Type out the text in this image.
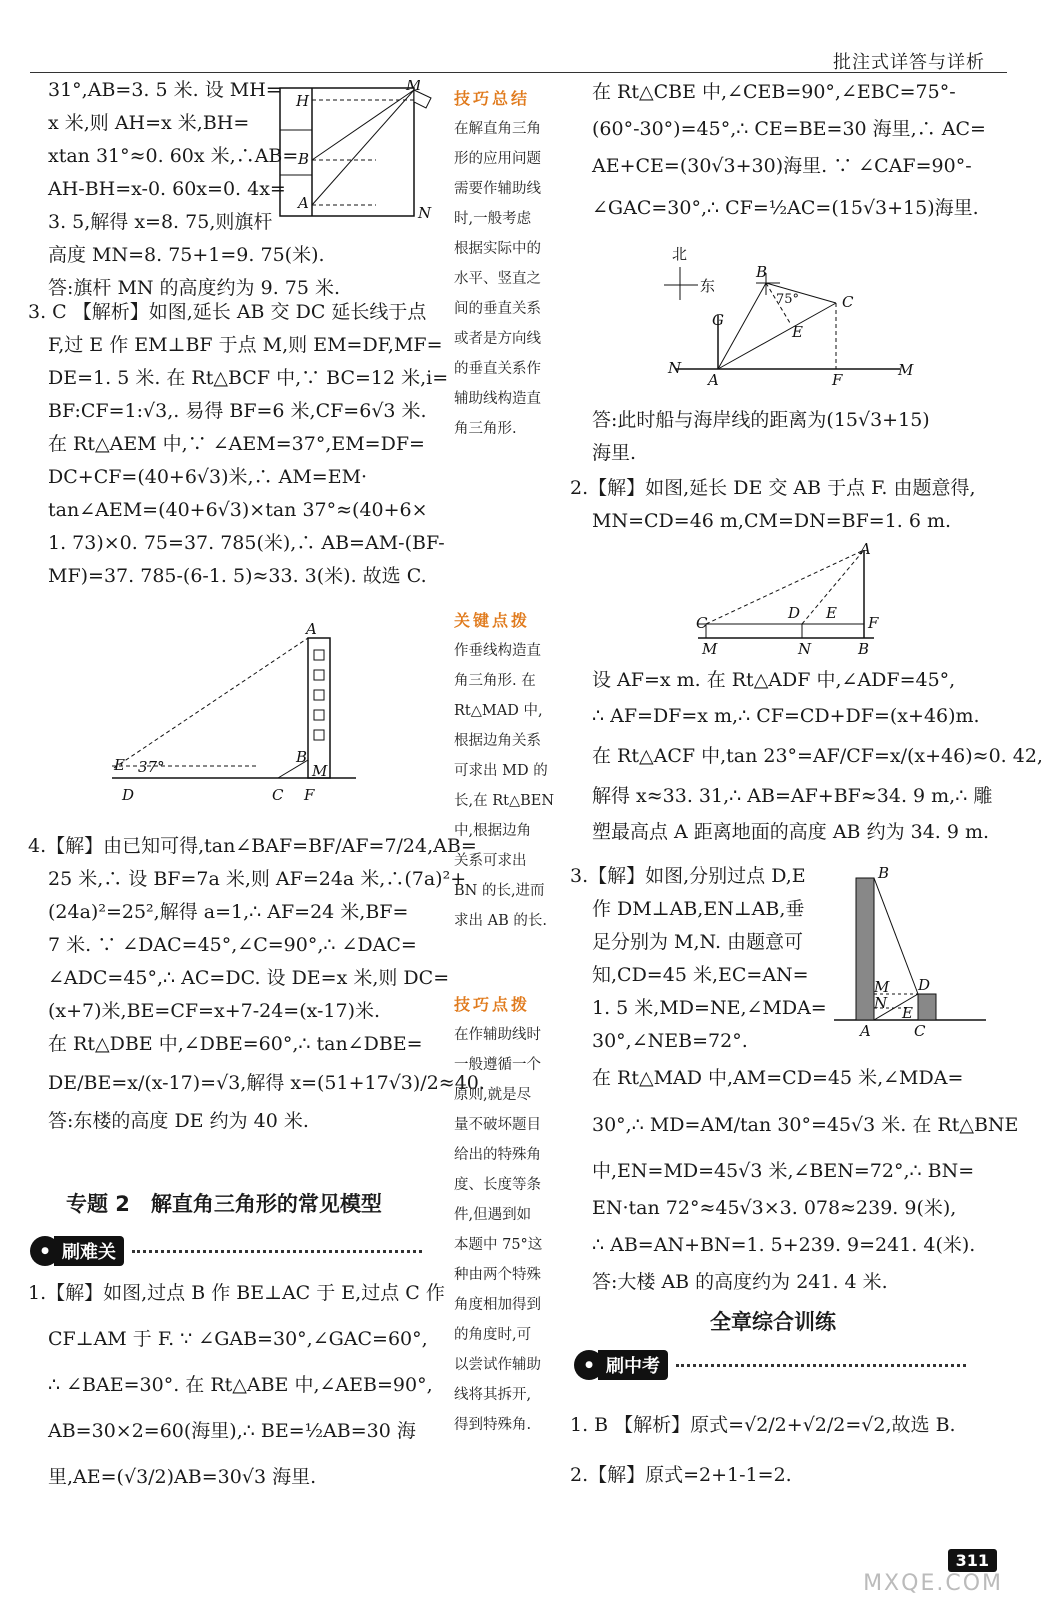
批注式详答与详析

31°,AB=3. 5 米. 设 MH=

x 米,则 AH=x 米,BH=

xtan 31°≈0. 60x 米,∴AB=

AH-BH=x-0. 60x=0. 4x=

3. 5,解得 x=8. 75,则旗杆

高度 MN=8. 75+1=9. 75(米).

答:旗杆 MN 的高度约为 9. 75 米.

3. C 【解析】如图,延长 AB 交 DC 延长线于点

F,过 E 作 EM⊥BF 于点 M,则 EM=DF,MF=

DE=1. 5 米. 在 Rt△BCF 中,∵ BC=12 米,i=

BF:CF=1:√3,. 易得 BF=6 米,CF=6√3 米.

在 Rt△AEM 中,∵ ∠AEM=37°,EM=DF=

DC+CF=(40+6√3)米,∴ AM=EM·

tan∠AEM=(40+6√3)×tan 37°≈(40+6×

1. 73)×0. 75=37. 785(米),∴ AB=AM-(BF-

MF)=37. 785-(6-1. 5)≈33. 3(米). 故选 C.

H
B
A
M
N
A
B
M
E 37°
D	C F

4.【解】由已知可得,tan∠BAF=BF/AF=7/24,AB=

25 米,∴ 设 BF=7a 米,则 AF=24a 米,∴(7a)²+

(24a)²=25²,解得 a=1,∴ AF=24 米,BF=

7 米. ∵ ∠DAC=45°,∠C=90°,∴ ∠DAC=

∠ADC=45°,∴ AC=DC. 设 DE=x 米,则 DC=

(x+7)米,BE=CF=x+7-24=(x-17)米.

在 Rt△DBE 中,∠DBE=60°,∴ tan∠DBE=

DE/BE=x/(x-17)=√3,解得 x=(51+17√3)/2≈40.

答:东楼的高度 DE 约为 40 米.

专题 2　解直角三角形的常见模型
● 刷难关

1.【解】如图,过点 B 作 BE⊥AC 于 E,过点 C 作

CF⊥AM 于 F. ∵ ∠GAB=30°,∠GAC=60°,

∴ ∠BAE=30°. 在 Rt△ABE 中,∠AEB=90°,

AB=30×2=60(海里),∴ BE=½AB=30 海

里,AE=(√3/2)AB=30√3 海里.

技巧总结

在解直角三角

形的应用问题

需要作辅助线

时,一般考虑

根据实际中的

水平、竖直之

间的垂直关系

或者是方向线

的垂直关系作

辅助线构造直

角三角形.

关键点拨

作垂线构造直

角三角形. 在

Rt△MAD 中,

根据边角关系

可求出 MD 的

长,在 Rt△BEN

中,根据边角

关系可求出

BN 的长,进而

求出 AB 的长.

技巧点拨

在作辅助线时

一般遵循一个

原则,就是尽

量不破坏题目

给出的特殊角

度、长度等条

件,但遇到如

本题中 75°这

种由两个特殊

角度相加得到

的角度时,可

以尝试作辅助

线将其拆开,

得到特殊角.

在 Rt△CBE 中,∠CEB=90°,∠EBC=75°-

(60°-30°)=45°,∴ CE=BE=30 海里,∴ AC=

AE+CE=(30√3+30)海里. ∵ ∠CAF=90°-

∠GAC=30°,∴ CF=½AC=(15√3+15)海里.

北
东
B
75°	C
G
E
N
A	F
M

答:此时船与海岸线的距离为(15√3+15)

海里.

2.【解】如图,延长 DE 交 AB 于点 F. 由题意得,

MN=CD=46 m,CM=DN=BF=1. 6 m.

A
C
D E
F
M	N	B

设 AF=x m. 在 Rt△ADF 中,∠ADF=45°,

∴ AF=DF=x m,∴ CF=CD+DF=(x+46)m.

在 Rt△ACF 中,tan 23°=AF/CF=x/(x+46)≈0. 42,

解得 x≈33. 31,∴ AB=AF+BF≈34. 9 m,∴ 雕

塑最高点 A 距离地面的高度 AB 约为 34. 9 m.

3.【解】如图,分别过点 D,E

作 DM⊥AB,EN⊥AB,垂

足分别为 M,N. 由题意可

知,CD=45 米,EC=AN=

1. 5 米,MD=NE,∠MDA=

30°,∠NEB=72°.

B
M
N
D
E
A	C

在 Rt△MAD 中,AM=CD=45 米,∠MDA=

30°,∴ MD=AM/tan 30°=45√3 米. 在 Rt△BNE

中,EN=MD=45√3 米,∠BEN=72°,∴ BN=

EN·tan 72°≈45√3×3. 078≈239. 9(米),

∴ AB=AN+BN=1. 5+239. 9=241. 4(米).

答:大楼 AB 的高度约为 241. 4 米.

全章综合训练
● 刷中考

1. B 【解析】原式=√2/2+√2/2=√2,故选 B.

2.【解】原式=2+1-1=2.

311
MXQE.COM
